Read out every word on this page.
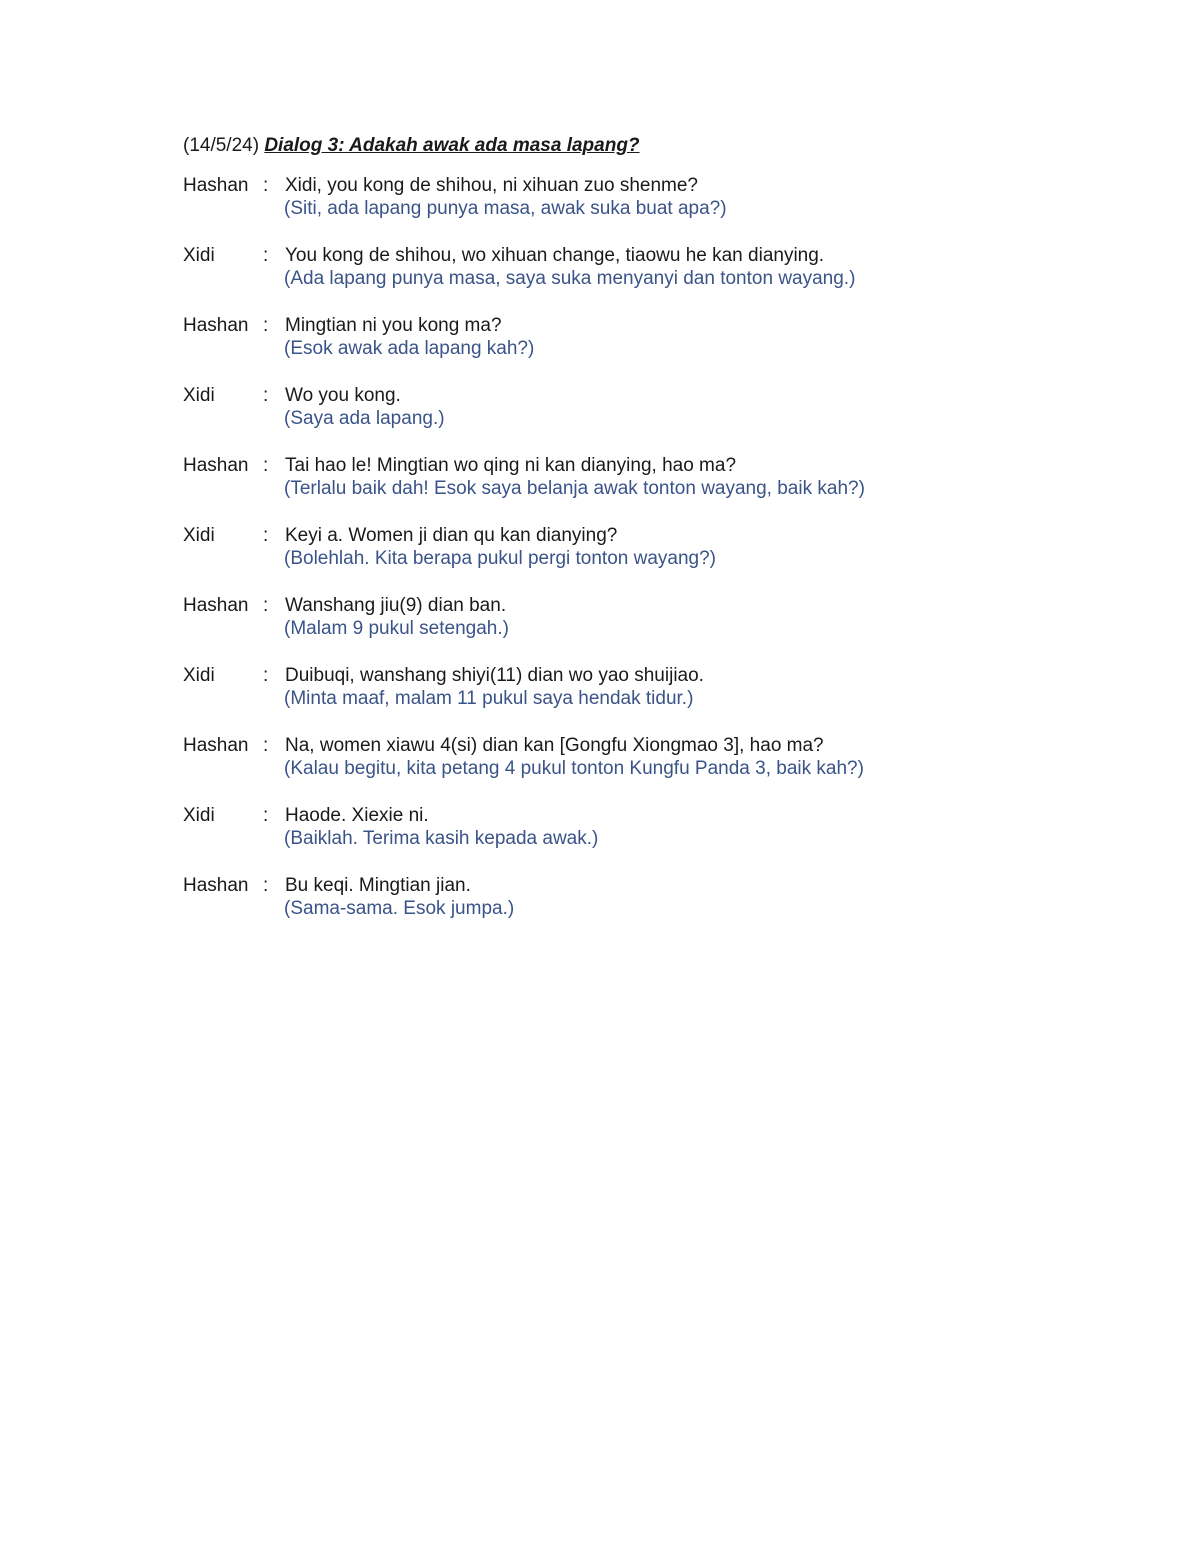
(14/5/24) Dialog 3: Adakah awak ada masa lapang?
Hashan : Xidi, you kong de shihou, ni xihuan zuo shenme?
(Siti, ada lapang punya masa, awak suka buat apa?)
Xidi	: You kong de shihou, wo xihuan change, tiaowu he kan dianying.
(Ada lapang punya masa, saya suka menyanyi dan tonton wayang.)
Hashan : Mingtian ni you kong ma?
(Esok awak ada lapang kah?)
Xidi	: Wo you kong.
(Saya ada lapang.)
Hashan : Tai hao le! Mingtian wo qing ni kan dianying, hao ma?
(Terlalu baik dah! Esok saya belanja awak tonton wayang, baik kah?)
Xidi	: Keyi a. Women ji dian qu kan dianying?
(Bolehlah. Kita berapa pukul pergi tonton wayang?)
Hashan : Wanshang jiu(9) dian ban.
(Malam 9 pukul setengah.)
Xidi	: Duibuqi, wanshang shiyi(11) dian wo yao shuijiao.
(Minta maaf, malam 11 pukul saya hendak tidur.)
Hashan : Na, women xiawu 4(si) dian kan [Gongfu Xiongmao 3], hao ma?
(Kalau begitu, kita petang 4 pukul tonton Kungfu Panda 3, baik kah?)
Xidi	: Haode. Xiexie ni.
(Baiklah. Terima kasih kepada awak.)
Hashan : Bu keqi. Mingtian jian.
(Sama-sama. Esok jumpa.)
